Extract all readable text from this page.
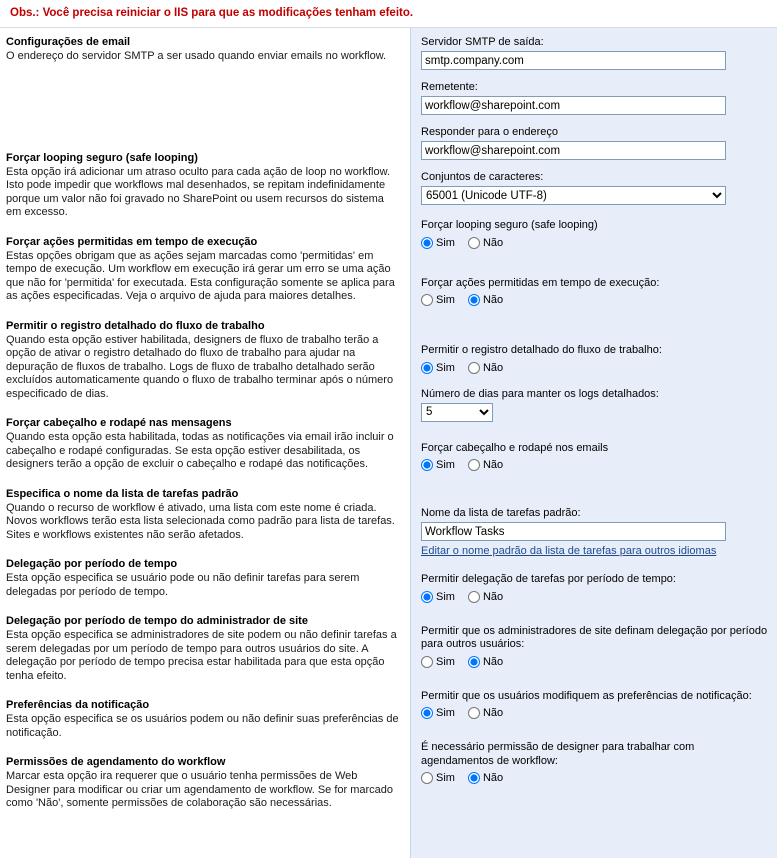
Obs.: Você precisa reiniciar o IIS para que as modificações tenham efeito.
Configurações de email
O endereço do servidor SMTP a ser usado quando enviar emails no workflow.
Forçar looping seguro (safe looping)
Esta opção irá adicionar um atraso oculto para cada ação de loop no workflow. Isto pode impedir que workflows mal desenhados, se repitam indefinidamente porque um valor não foi gravado no SharePoint ou usem recursos do sistema em excesso.
Forçar ações permitidas em tempo de execução
Estas opções obrigam que as ações sejam marcadas como 'permitidas' em tempo de execução. Um workflow em execução irá gerar um erro se uma ação que não for 'permitida' for executada. Esta configuração somente se aplica para as ações especificadas. Veja o arquivo de ajuda para maiores detalhes.
Permitir o registro detalhado do fluxo de trabalho
Quando esta opção estiver habilitada, designers de fluxo de trabalho terão a opção de ativar o registro detalhado do fluxo de trabalho para ajudar na depuração de fluxos de trabalho. Logs de fluxo de trabalho detalhado serão excluídos automaticamente quando o fluxo de trabalho terminar após o número especificado de dias.
Forçar cabeçalho e rodapé nas mensagens
Quando esta opção esta habilitada, todas as notificações via email irão incluir o cabeçalho e rodapé configuradas. Se esta opção estiver desabilitada, os designers terão a opção de excluir o cabeçalho e rodapé das notificações.
Especifica o nome da lista de tarefas padrão
Quando o recurso de workflow é ativado, uma lista com este nome é criada. Novos workflows terão esta lista selecionada como padrão para lista de tarefas. Sites e workflows existentes não serão afetados.
Delegação por período de tempo
Esta opção especifica se usuário pode ou não definir tarefas para serem delegadas por período de tempo.
Delegação por período de tempo do administrador de site
Esta opção especifica se administradores de site podem ou não definir tarefas a serem delegadas por um período de tempo para outros usuários do site. A delegação por período de tempo precisa estar habilitada para que esta opção tenha efeito.
Preferências da notificação
Esta opção especifica se os usuários podem ou não definir suas preferências de notificação.
Permissões de agendamento do workflow
Marcar esta opção ira requerer que o usuário tenha permissões de Web Designer para modificar ou criar um agendamento de workflow. Se for marcado como 'Não', somente permissões de colaboração são necessárias.
Servidor SMTP de saída:
smtp.company.com
Remetente:
workflow@sharepoint.com
Responder para o endereço
workflow@sharepoint.com
Conjuntos de caracteres:
65001 (Unicode UTF-8)
Forçar looping seguro (safe looping)
Sim	Não
Forçar ações permitidas em tempo de execução:
Sim	Não
Permitir o registro detalhado do fluxo de trabalho:
Sim	Não
Número de dias para manter os logs detalhados:
5
Forçar cabeçalho e rodapé nos emails
Sim	Não
Nome da lista de tarefas padrão:
Workflow Tasks Editar o nome padrão da lista de tarefas para outros idiomas
Permitir delegação de tarefas por período de tempo:
Sim	Não
Permitir que os administradores de site definam delegação por período para outros usuários:
Sim	Não
Permitir que os usuários modifiquem as preferências de notificação:
Sim	Não
É necessário permissão de designer para trabalhar com agendamentos de workflow:
Sim	Não
